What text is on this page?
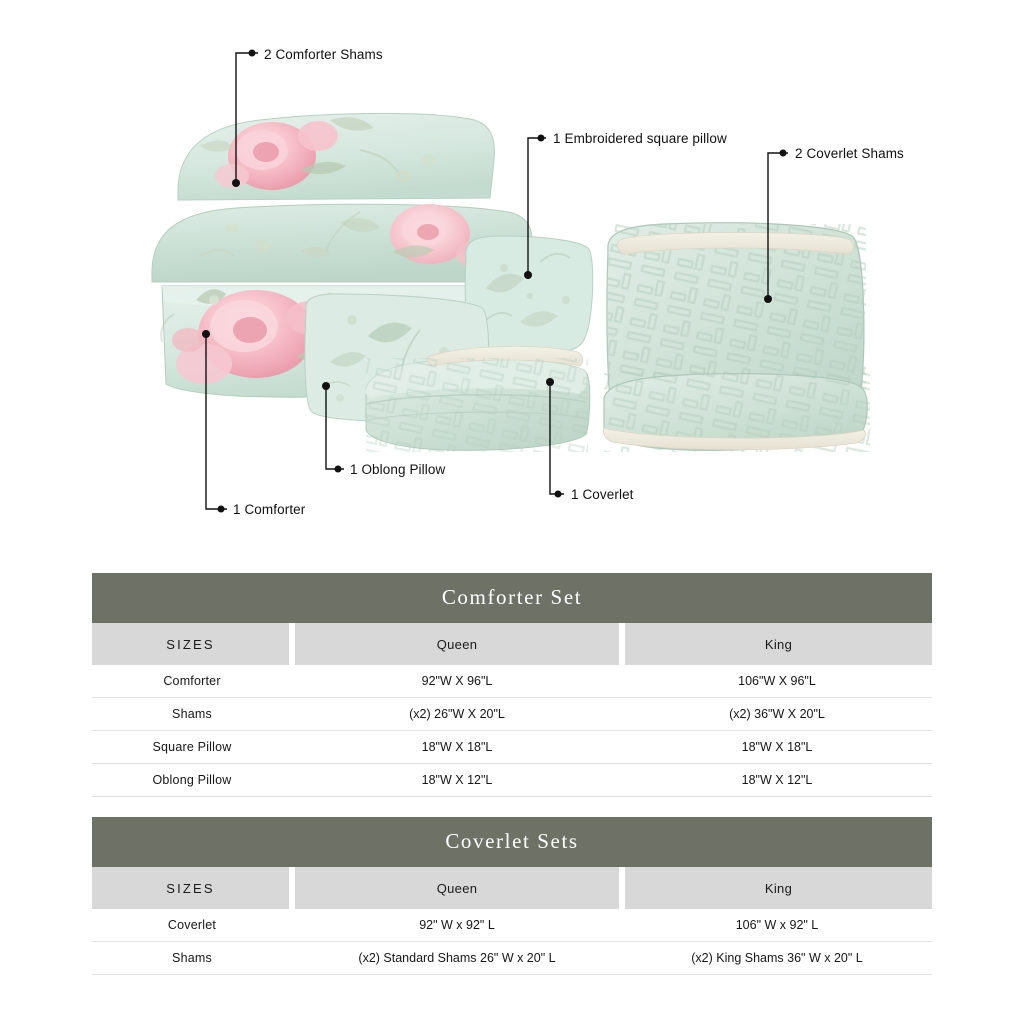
2 Comforter Shams
1 Embroidered square pillow
2 Coverlet Shams
1 Oblong Pillow
1 Coverlet
1 Comforter
Comforter Set
SIZES	Queen	King
Comforter	92"W X 96"L	106"W X 96"L
Shams	(x2) 26"W X 20"L	(x2) 36"W X 20"L
Square Pillow	18"W X 18"L	18"W X 18"L
Oblong Pillow	18"W X 12"L	18"W X 12"L
Coverlet Sets
SIZES	Queen	King
Coverlet	92" W x 92" L	106" W x 92" L
Shams	(x2) Standard Shams 26" W x 20" L	(x2) King Shams 36" W x 20" L
